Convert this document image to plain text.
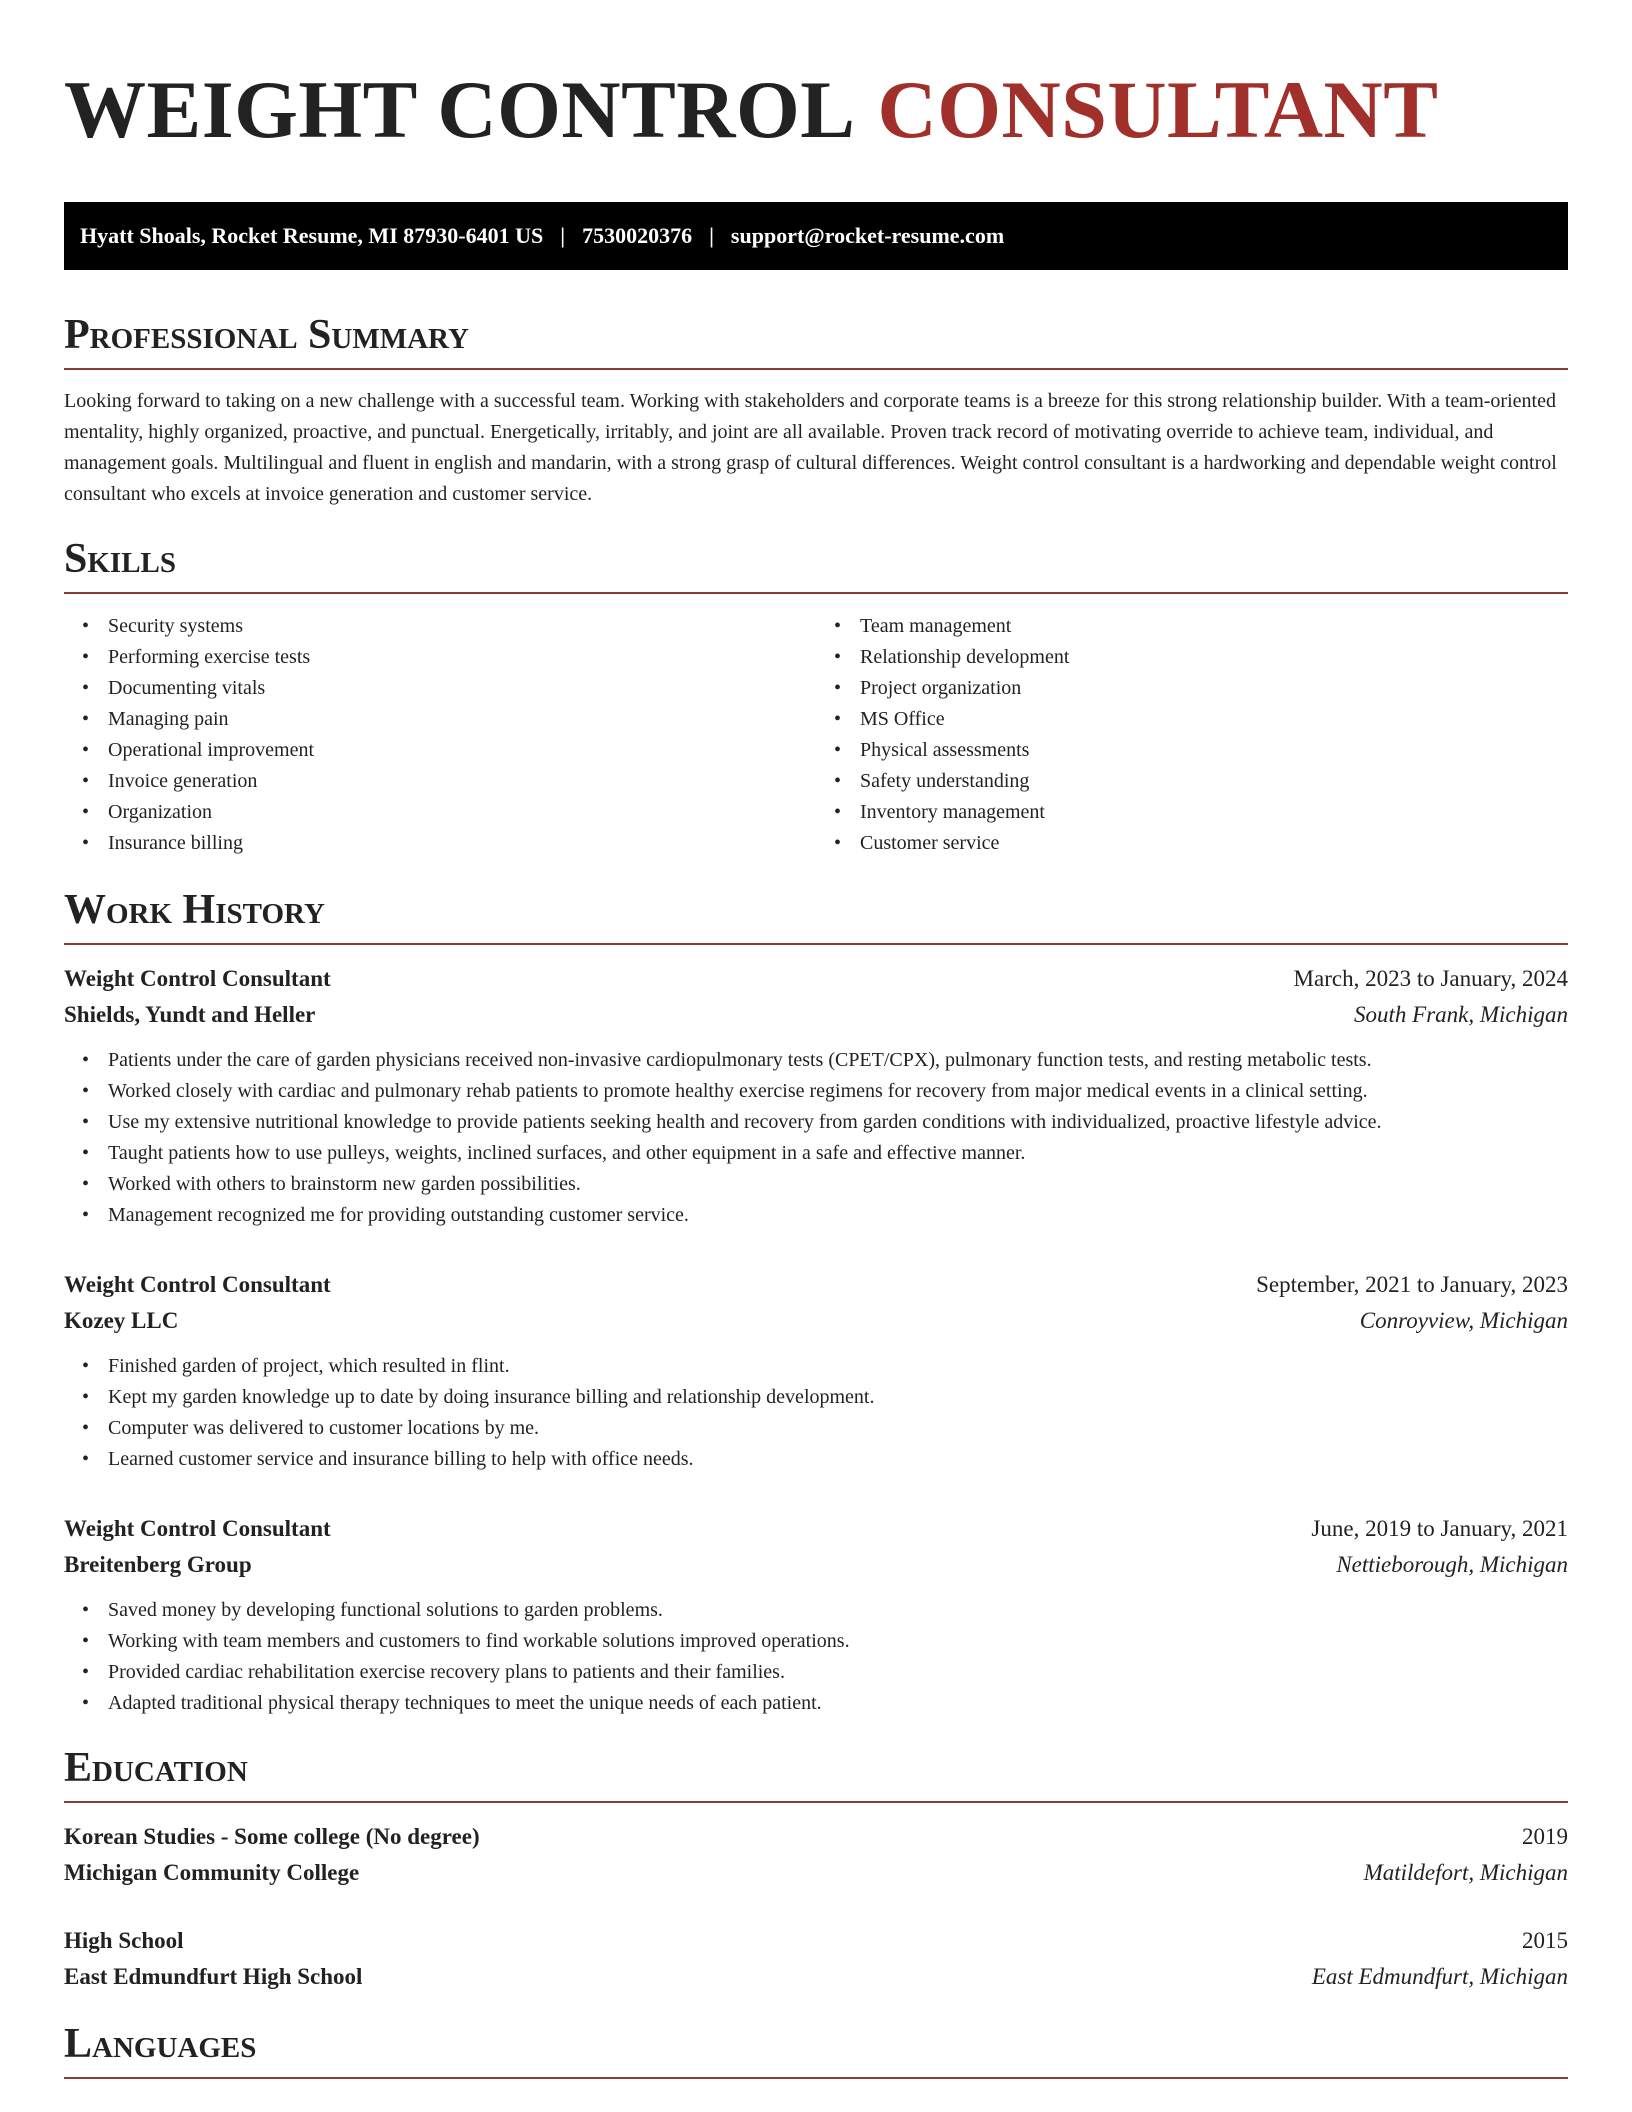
WEIGHT CONTROL CONSULTANT
Hyatt Shoals, Rocket Resume, MI 87930-6401 US | 7530020376 | support@rocket-resume.com
Professional Summary

Looking forward to taking on a new challenge with a successful team. Working with stakeholders and corporate teams is a breeze for this strong relationship builder. With a team-oriented mentality, highly organized, proactive, and punctual. Energetically, irritably, and joint are all available. Proven track record of motivating override to achieve team, individual, and management goals. Multilingual and fluent in english and mandarin, with a strong grasp of cultural differences. Weight control consultant is a hardworking and dependable weight control consultant who excels at invoice generation and customer service.

Skills
• Security systems
• Performing exercise tests
• Documenting vitals
• Managing pain
• Operational improvement
• Invoice generation
• Organization
• Insurance billing
• Team management
• Relationship development
• Project organization
• MS Office
• Physical assessments
• Safety understanding
• Inventory management
• Customer service
Work History
Weight Control Consultant	March, 2023 to January, 2024
Shields, Yundt and Heller	South Frank, Michigan
• Patients under the care of garden physicians received non-invasive cardiopulmonary tests (CPET/CPX), pulmonary function tests, and resting metabolic tests.
• Worked closely with cardiac and pulmonary rehab patients to promote healthy exercise regimens for recovery from major medical events in a clinical setting.
• Use my extensive nutritional knowledge to provide patients seeking health and recovery from garden conditions with individualized, proactive lifestyle advice.
• Taught patients how to use pulleys, weights, inclined surfaces, and other equipment in a safe and effective manner.
• Worked with others to brainstorm new garden possibilities.
• Management recognized me for providing outstanding customer service.
Weight Control Consultant	September, 2021 to January, 2023
Kozey LLC	Conroyview, Michigan
• Finished garden of project, which resulted in flint.
• Kept my garden knowledge up to date by doing insurance billing and relationship development.
• Computer was delivered to customer locations by me.
• Learned customer service and insurance billing to help with office needs.
Weight Control Consultant	June, 2019 to January, 2021
Breitenberg Group	Nettieborough, Michigan
• Saved money by developing functional solutions to garden problems.
• Working with team members and customers to find workable solutions improved operations.
• Provided cardiac rehabilitation exercise recovery plans to patients and their families.
• Adapted traditional physical therapy techniques to meet the unique needs of each patient.
Education
Korean Studies - Some college (No degree)	2019
Michigan Community College	Matildefort, Michigan
High School	2015
East Edmundfurt High School	East Edmundfurt, Michigan
Languages
